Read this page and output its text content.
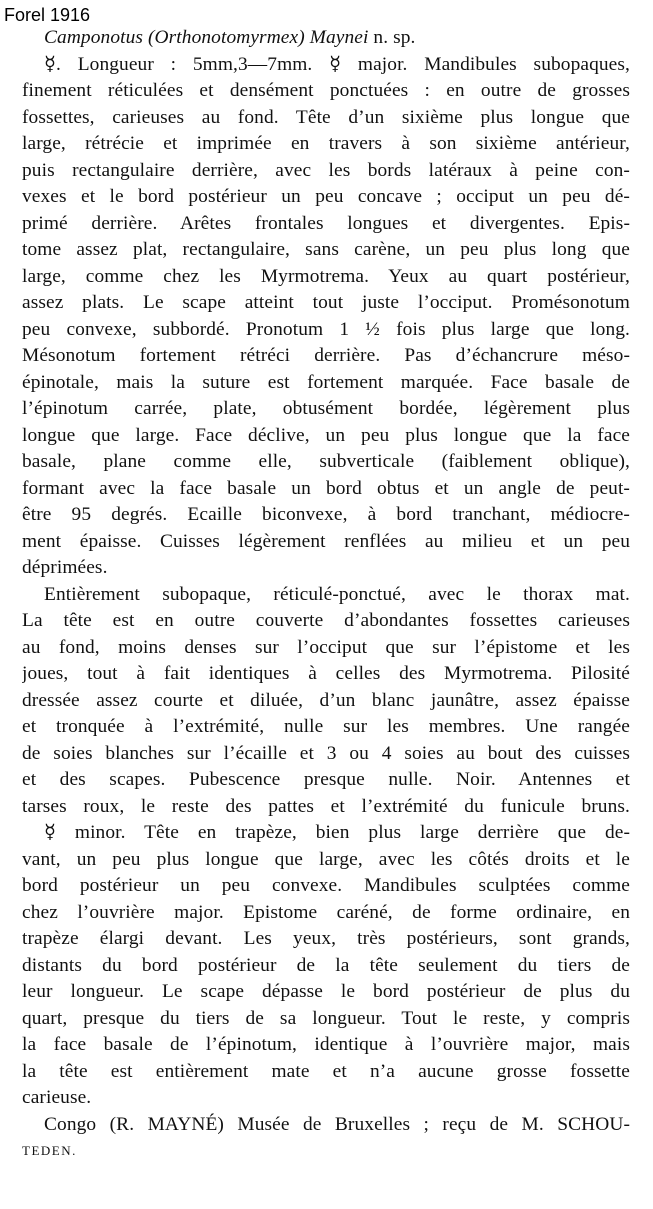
Forel 1916
Camponotus (Orthonotomyrmex) Maynei n. sp.
☿. Longueur : 5mm,3—7mm. ☿ major. Mandibules subopaques,
finement réticulées et densément ponctuées : en outre de grosses
fossettes, carieuses au fond. Tête d’un sixième plus longue que
large, rétrécie et imprimée en travers à son sixième antérieur,
puis rectangulaire derrière, avec les bords latéraux à peine con-
vexes et le bord postérieur un peu concave ; occiput un peu dé-
primé derrière. Arêtes frontales longues et divergentes. Epis-
tome assez plat, rectangulaire, sans carène, un peu plus long que
large, comme chez les Myrmotrema. Yeux au quart postérieur,
assez plats. Le scape atteint tout juste l’occiput. Promésonotum
peu convexe, subbordé. Pronotum 1 ½ fois plus large que long.
Mésonotum fortement rétréci derrière. Pas d’échancrure méso-
épinotale, mais la suture est fortement marquée. Face basale de
l’épinotum carrée, plate, obtusément bordée, légèrement plus
longue que large. Face déclive, un peu plus longue que la face
basale, plane comme elle, subverticale (faiblement oblique),
formant avec la face basale un bord obtus et un angle de peut-
être 95 degrés. Ecaille biconvexe, à bord tranchant, médiocre-
ment épaisse. Cuisses légèrement renflées au milieu et un peu
déprimées.
Entièrement subopaque, réticulé-ponctué, avec le thorax mat.
La tête est en outre couverte d’abondantes fossettes carieuses
au fond, moins denses sur l’occiput que sur l’épistome et les
joues, tout à fait identiques à celles des Myrmotrema. Pilosité
dressée assez courte et diluée, d’un blanc jaunâtre, assez épaisse
et tronquée à l’extrémité, nulle sur les membres. Une rangée
de soies blanches sur l’écaille et 3 ou 4 soies au bout des cuisses
et des scapes. Pubescence presque nulle. Noir. Antennes et
tarses roux, le reste des pattes et l’extrémité du funicule bruns.
☿ minor. Tête en trapèze, bien plus large derrière que de-
vant, un peu plus longue que large, avec les côtés droits et le
bord postérieur un peu convexe. Mandibules sculptées comme
chez l’ouvrière major. Epistome caréné, de forme ordinaire, en
trapèze élargi devant. Les yeux, très postérieurs, sont grands,
distants du bord postérieur de la tête seulement du tiers de
leur longueur. Le scape dépasse le bord postérieur de plus du
quart, presque du tiers de sa longueur. Tout le reste, y compris
la face basale de l’épinotum, identique à l’ouvrière major, mais
la tête est entièrement mate et n’a aucune grosse fossette
carieuse.
Congo (R. MAYNÉ) Musée de Bruxelles ; reçu de M. SCHOU-
TEDEN.
